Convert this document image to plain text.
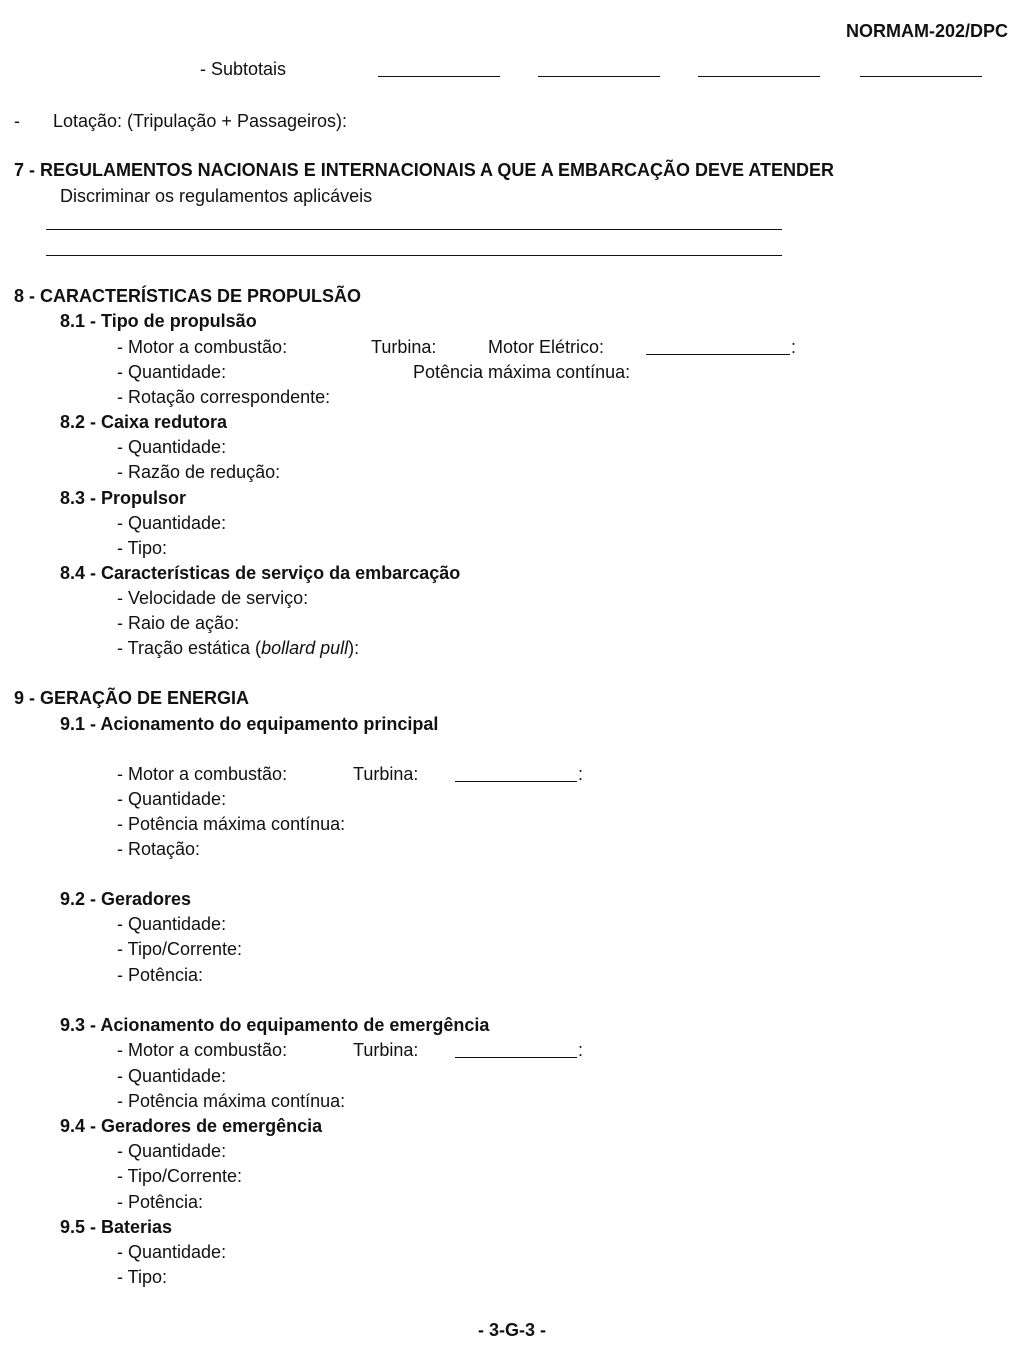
NORMAM-202/DPC
- Subtotais
- Lotação: (Tripulação + Passageiros):
7 - REGULAMENTOS NACIONAIS E INTERNACIONAIS A QUE A EMBARCAÇÃO DEVE ATENDER
Discriminar os regulamentos aplicáveis
8 - CARACTERÍSTICAS DE PROPULSÃO
8.1 - Tipo de propulsão
- Motor a combustão:	Turbina:	Motor Elétrico:	:
- Quantidade:	Potência máxima contínua:
- Rotação correspondente:
8.2 - Caixa redutora
- Quantidade:
- Razão de redução:
8.3 - Propulsor
- Quantidade:
- Tipo:
8.4 - Características de serviço da embarcação
- Velocidade de serviço:
- Raio de ação:
- Tração estática (bollard pull):
9 - GERAÇÃO DE ENERGIA
9.1 - Acionamento do equipamento principal
- Motor a combustão:	Turbina:	:
- Quantidade:
- Potência máxima contínua:
- Rotação:
9.2 - Geradores
- Quantidade:
- Tipo/Corrente:
- Potência:
9.3 - Acionamento do equipamento de emergência
- Motor a combustão:	Turbina:	:
- Quantidade:
- Potência máxima contínua:
9.4 - Geradores de emergência
- Quantidade:
- Tipo/Corrente:
- Potência:
9.5 - Baterias
- Quantidade:
- Tipo:
- 3-G-3 -
